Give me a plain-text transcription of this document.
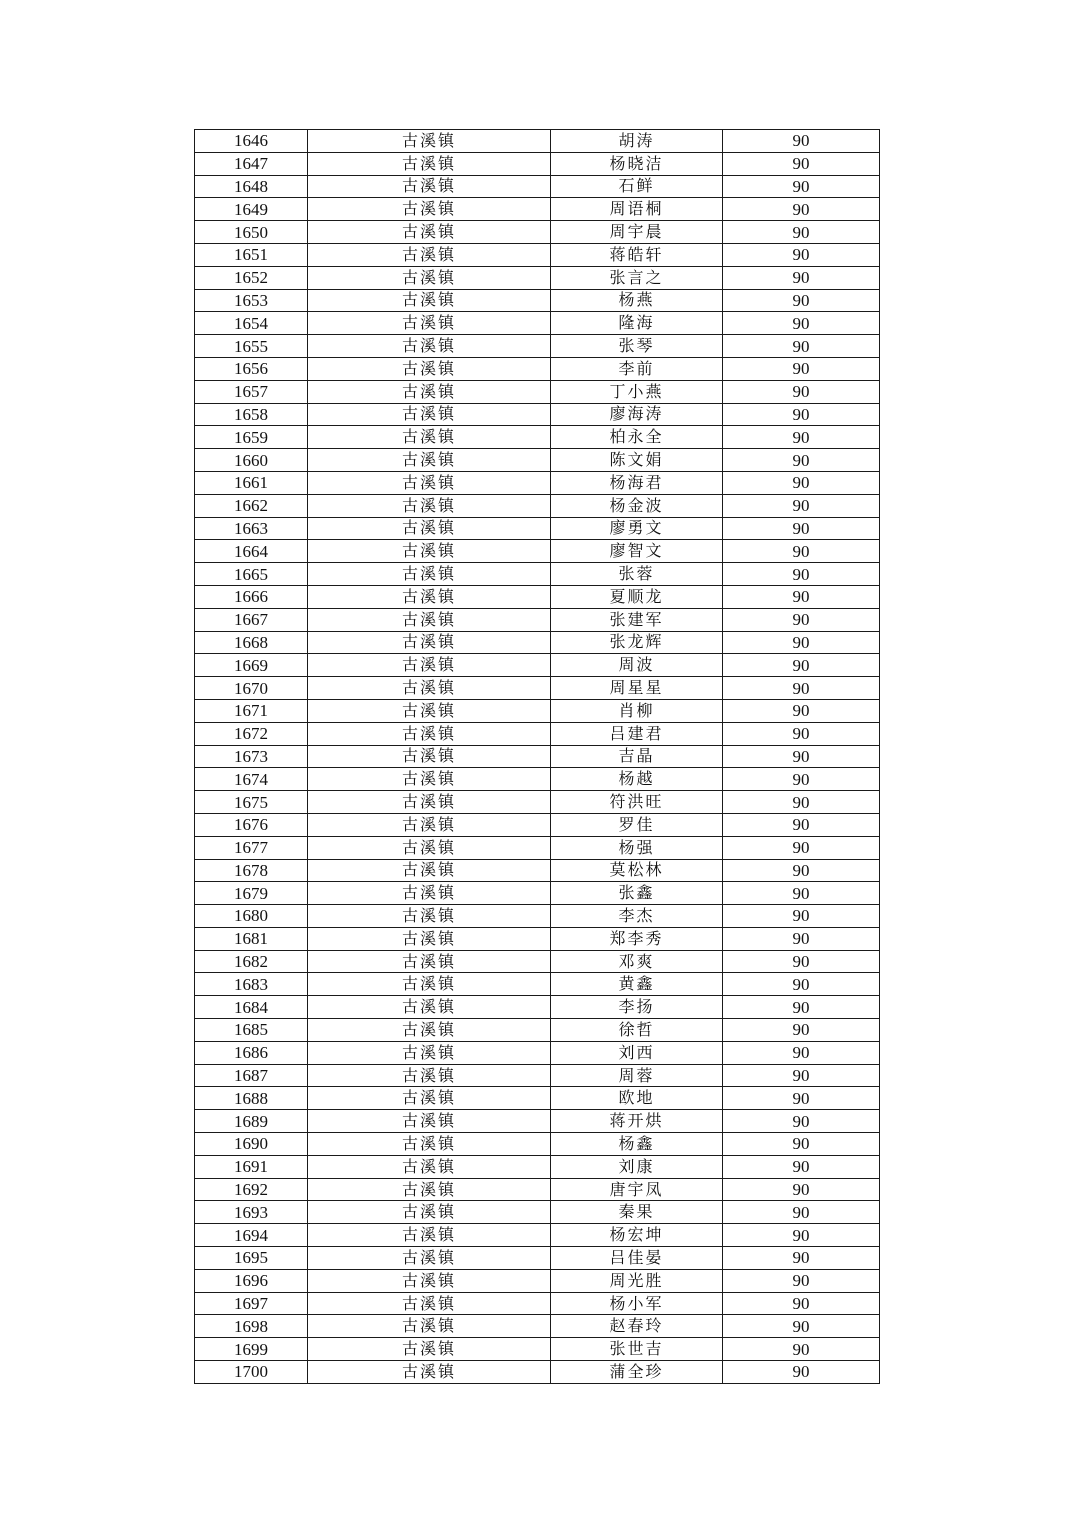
1646	古溪镇	胡涛	90
1647	古溪镇	杨晓洁	90
1648	古溪镇	石鲜	90
1649	古溪镇	周语桐	90
1650	古溪镇	周宇晨	90
1651	古溪镇	蒋皓轩	90
1652	古溪镇	张言之	90
1653	古溪镇	杨燕	90
1654	古溪镇	隆海	90
1655	古溪镇	张琴	90
1656	古溪镇	李前	90
1657	古溪镇	丁小燕	90
1658	古溪镇	廖海涛	90
1659	古溪镇	柏永全	90
1660	古溪镇	陈文娟	90
1661	古溪镇	杨海君	90
1662	古溪镇	杨金波	90
1663	古溪镇	廖勇文	90
1664	古溪镇	廖智文	90
1665	古溪镇	张蓉	90
1666	古溪镇	夏顺龙	90
1667	古溪镇	张建军	90
1668	古溪镇	张龙辉	90
1669	古溪镇	周波	90
1670	古溪镇	周星星	90
1671	古溪镇	肖柳	90
1672	古溪镇	吕建君	90
1673	古溪镇	吉晶	90
1674	古溪镇	杨越	90
1675	古溪镇	符洪旺	90
1676	古溪镇	罗佳	90
1677	古溪镇	杨强	90
1678	古溪镇	莫松林	90
1679	古溪镇	张鑫	90
1680	古溪镇	李杰	90
1681	古溪镇	郑李秀	90
1682	古溪镇	邓爽	90
1683	古溪镇	黄鑫	90
1684	古溪镇	李扬	90
1685	古溪镇	徐哲	90
1686	古溪镇	刘西	90
1687	古溪镇	周蓉	90
1688	古溪镇	欧地	90
1689	古溪镇	蒋开烘	90
1690	古溪镇	杨鑫	90
1691	古溪镇	刘康	90
1692	古溪镇	唐宇凤	90
1693	古溪镇	秦果	90
1694	古溪镇	杨宏坤	90
1695	古溪镇	吕佳晏	90
1696	古溪镇	周光胜	90
1697	古溪镇	杨小军	90
1698	古溪镇	赵春玲	90
1699	古溪镇	张世吉	90
1700	古溪镇	蒲全珍	90
